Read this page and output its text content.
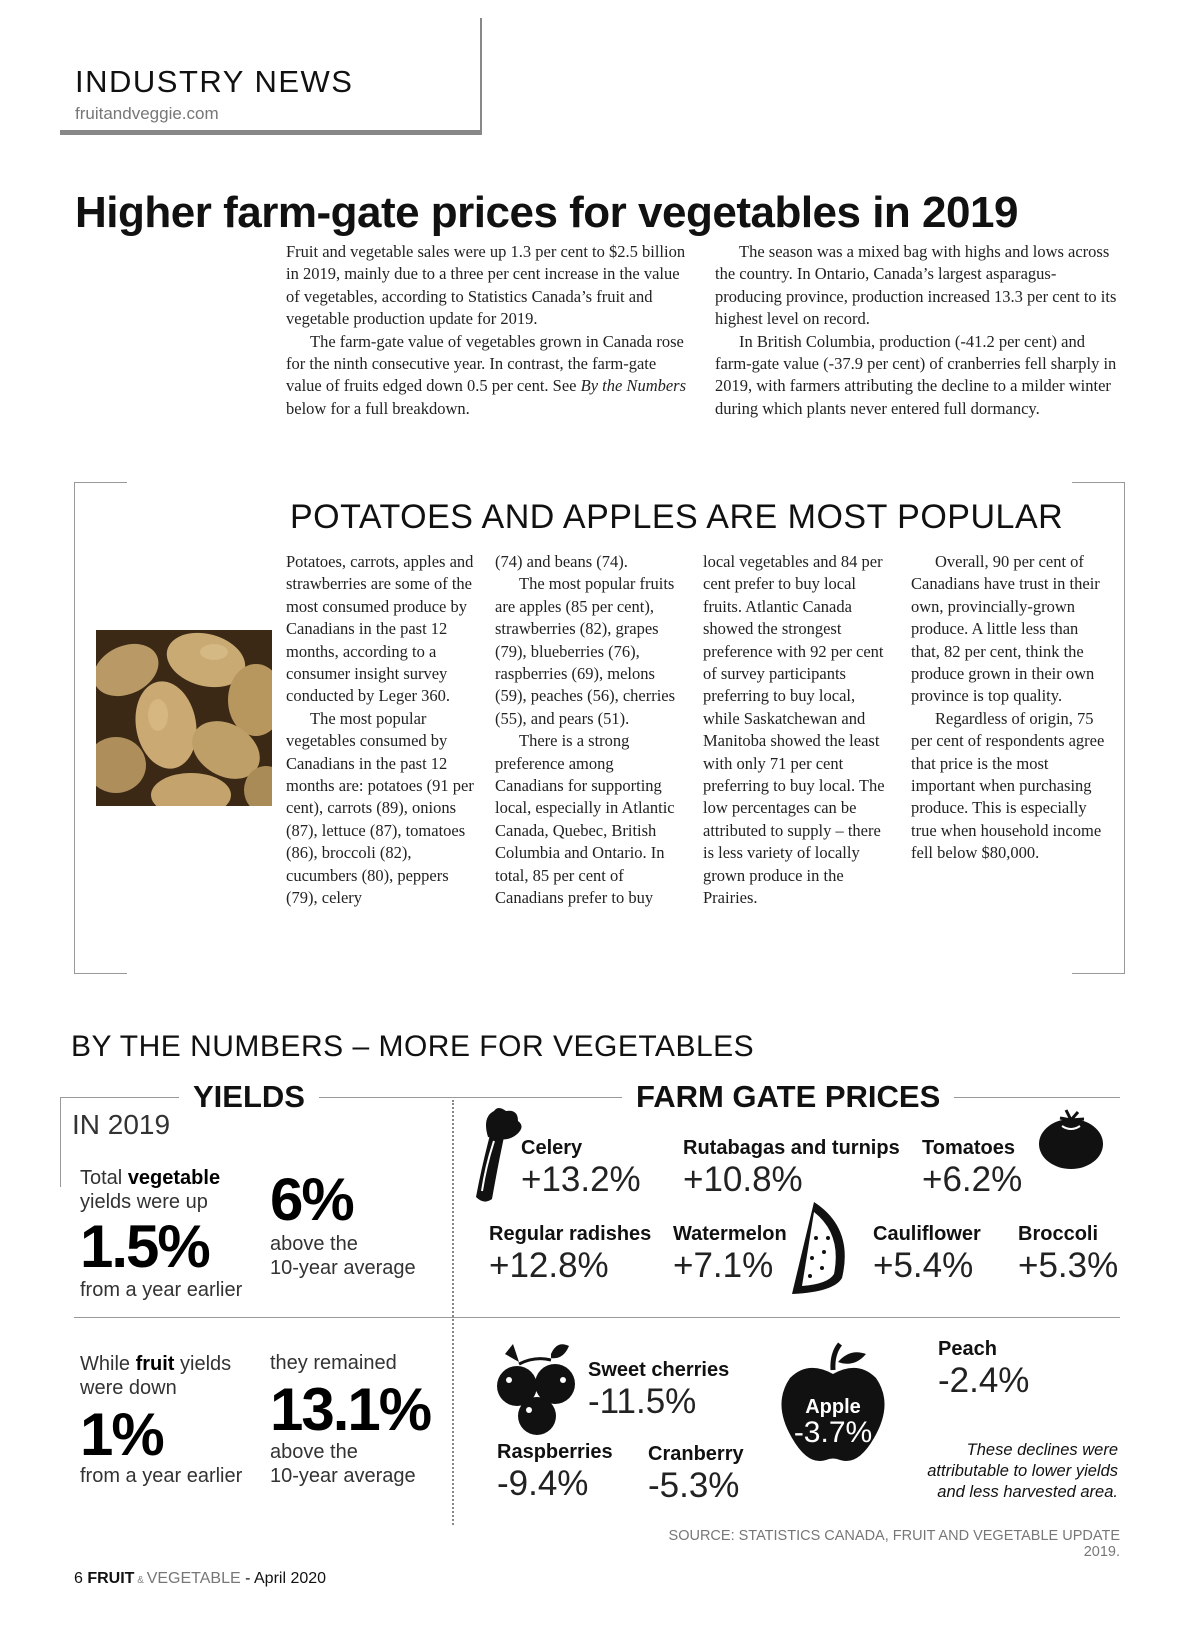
INDUSTRY NEWS
fruitandveggie.com
Higher farm-gate prices for vegetables in 2019

Fruit and vegetable sales were up 1.3 per cent to $2.5 billion in 2019, mainly due to a three per cent increase in the value of vegetables, according to Statistics Canada’s fruit and vegetable production update for 2019.

The farm-gate value of vegetables grown in Canada rose for the ninth consecutive year. In contrast, the farm-gate value of fruits edged down 0.5 per cent. See By the Numbers below for a full breakdown.

The season was a mixed bag with highs and lows across the country. In Ontario, Canada’s largest asparagus-producing province, production increased 13.3 per cent to its highest level on record.

In British Columbia, production (-41.2 per cent) and farm-gate value (-37.9 per cent) of cranberries fell sharply in 2019, with farmers attributing the decline to a milder winter during which plants never entered full dormancy.

POTATOES AND APPLES ARE MOST POPULAR

Potatoes, carrots, apples and strawberries are some of the most consumed produce by Canadians in the past 12 months, according to a consumer insight survey conducted by Leger 360.

The most popular vegetables consumed by Canadians in the past 12 months are: potatoes (91 per cent), carrots (89), onions (87), lettuce (87), tomatoes (86), broccoli (82), cucumbers (80), peppers (79), celery

(74) and beans (74).

The most popular fruits are apples (85 per cent), strawberries (82), grapes (79), blueberries (76), raspberries (69), melons (59), peaches (56), cherries (55), and pears (51).

There is a strong preference among Canadians for supporting local, especially in Atlantic Canada, Quebec, British Columbia and Ontario. In total, 85 per cent of Canadians prefer to buy

local vegetables and 84 per cent prefer to buy local fruits. Atlantic Canada showed the strongest preference with 92 per cent of survey participants preferring to buy local, while Saskatchewan and Manitoba showed the least with only 71 per cent preferring to buy local. The low percentages can be attributed to supply – there is less variety of locally grown produce in the Prairies.

Overall, 90 per cent of Canadians have trust in their own, provincially-grown produce. A little less than that, 82 per cent, think the produce grown in their own province is top quality.

Regardless of origin, 75 per cent of respondents agree that price is the most important when purchasing produce. This is especially true when household income fell below $80,000.

BY THE NUMBERS – MORE FOR VEGETABLES
YIELDS	FARM GATE PRICES
IN 2019
Total vegetable
yields were up
1.5%
from a year earlier
6%
above the
10-year average
While fruit yields
were down
1%
from a year earlier
they remained
13.1%
above the
10-year average
Celery
+13.2%
Rutabagas and turnips
+10.8%
Tomatoes
+6.2%
Regular radishes
+12.8%
Watermelon
+7.1%
Cauliflower
+5.4%
Broccoli
+5.3%
Sweet cherries
-11.5%	Apple
-3.7%
Peach
-2.4%
Raspberries
-9.4%
Cranberry
-5.3%
These declines were
attributable to lower yields
and less harvested area.
SOURCE: STATISTICS CANADA, FRUIT AND VEGETABLE UPDATE 2019.
6 FRUIT & VEGETABLE - April 2020
